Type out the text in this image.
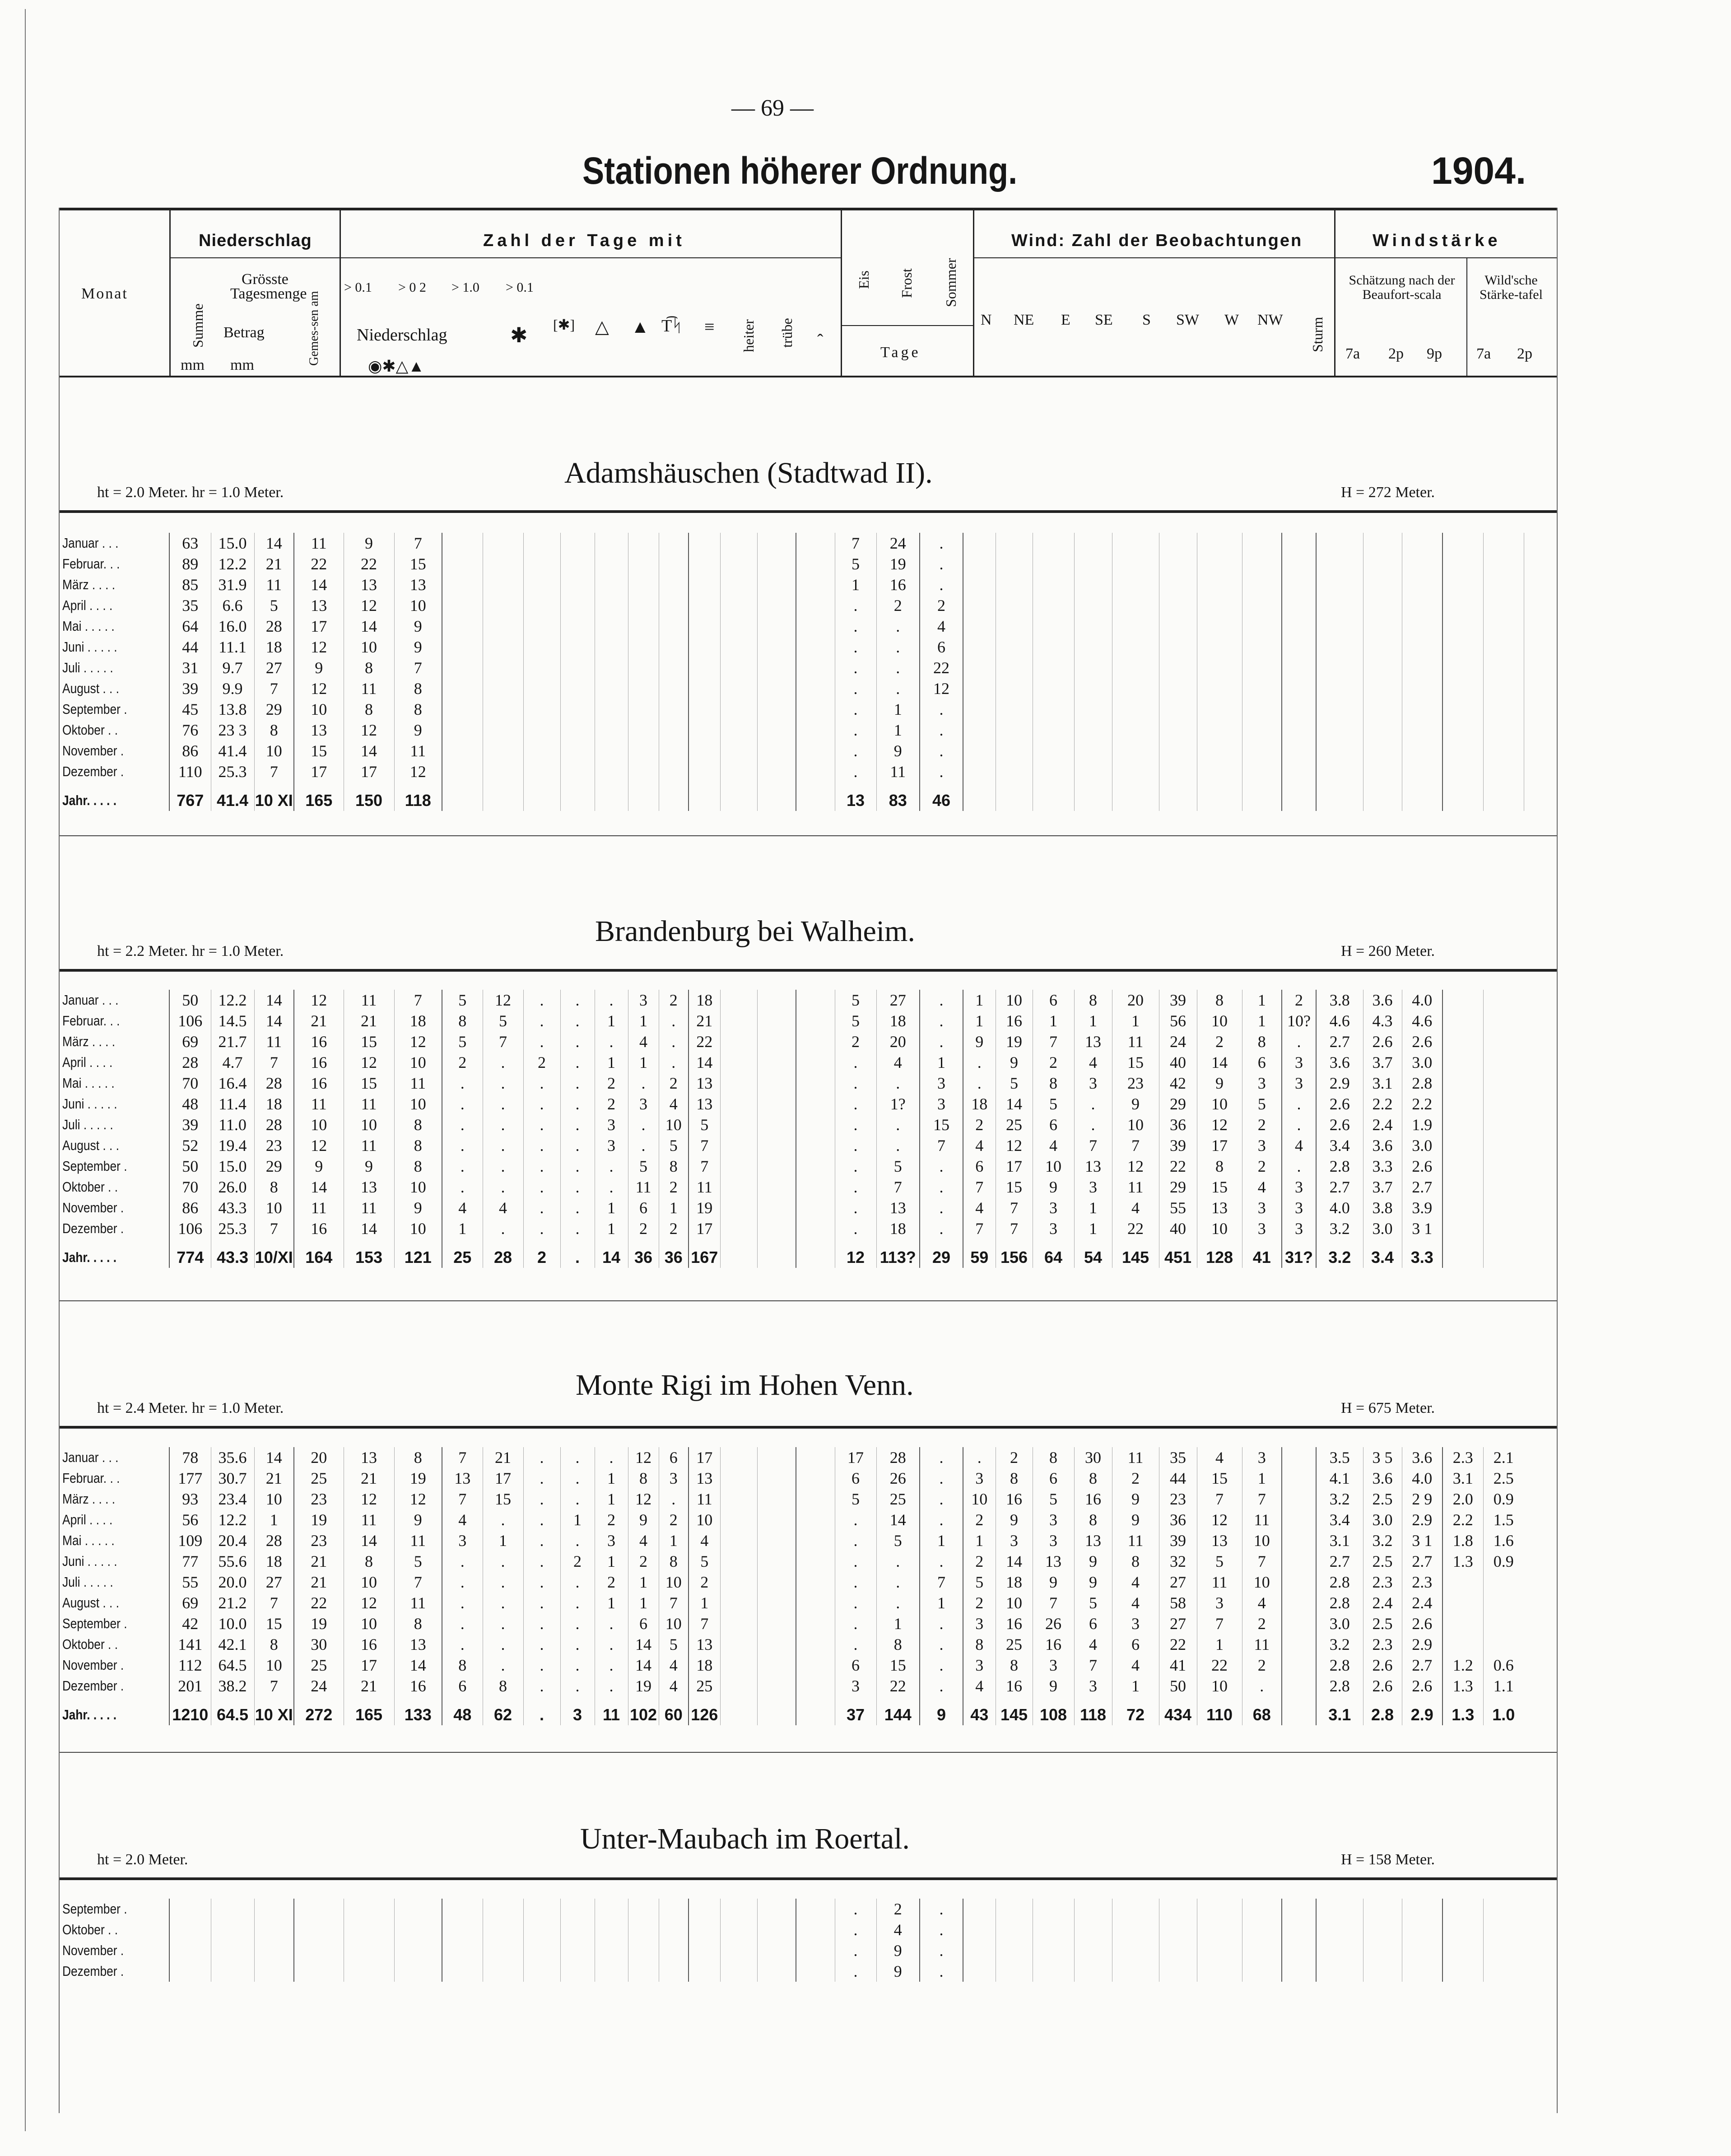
— 69 —
Stationen höherer Ordnung.	1904.
Monat
Niederschlag
Summe
mm
Grösste
Tagesmenge
Betrag
mm	Gemes-sen am
Zahl der Tage mit
> 0.1 > 0 2 > 1.0 > 0.1
Niederschlag
◉✱△▲
✱ [✱] △ ▲ T͡ᛋ ≡ heiter trübe ꞈ
Eis Frost Sommer
Tage
Wind: Zahl der Beobachtungen
N NE E SE S SW W NW Sturm
Windstärke
Schätzung nach der Beaufort-scala
Wild'sche Stärke-tafel
7a 2p 9p 7a 2p
Adamshäuschen (Stadtwad II).
ht = 2.0 Meter. hr = 1.0 Meter.	H = 272 Meter.
Januar . . .	63	15.0	14	11	9	7												7	24	.															
Februar. . .	89	12.2	21	22	22	15												5	19	.															
März . . . .	85	31.9	11	14	13	13												1	16	.															
April . . . .	35	6.6	5	13	12	10												.	2	2															
Mai . . . . .	64	16.0	28	17	14	9												.	.	4															
Juni . . . . .	44	11.1	18	12	10	9												.	.	6															
Juli . . . . .	31	9.7	27	9	8	7												.	.	22															
August . . .	39	9.9	7	12	11	8												.	.	12															
September .	45	13.8	29	10	8	8												.	1	.															
Oktober . .	76	23 3	8	13	12	9												.	1	.															
November .	86	41.4	10	15	14	11												.	9	.															
Dezember .	110	25.3	7	17	17	12												.	11	.															
Jahr. . . . .	767	41.4	10 XI	165	150	118												13	83	46															
Brandenburg bei Walheim.
ht = 2.2 Meter. hr = 1.0 Meter.	H = 260 Meter.
Januar . . .	50	12.2	14	12	11	7	5	12	.	.	.	3	2	18				5	27	.	1	10	6	8	20	39	8	1	2	3.8	3.6	4.0		
Februar. . .	106	14.5	14	21	21	18	8	5	.	.	1	1	.	21				5	18	.	1	16	1	1	1	56	10	1	10?	4.6	4.3	4.6		
März . . . .	69	21.7	11	16	15	12	5	7	.	.	.	4	.	22				2	20	.	9	19	7	13	11	24	2	8	.	2.7	2.6	2.6		
April . . . .	28	4.7	7	16	12	10	2	.	2	.	1	1	.	14				.	4	1	.	9	2	4	15	40	14	6	3	3.6	3.7	3.0		
Mai . . . . .	70	16.4	28	16	15	11	.	.	.	.	2	.	2	13				.	.	3	.	5	8	3	23	42	9	3	3	2.9	3.1	2.8		
Juni . . . . .	48	11.4	18	11	11	10	.	.	.	.	2	3	4	13				.	1?	3	18	14	5	.	9	29	10	5	.	2.6	2.2	2.2		
Juli . . . . .	39	11.0	28	10	10	8	.	.	.	.	3	.	10	5				.	.	15	2	25	6	.	10	36	12	2	.	2.6	2.4	1.9		
August . . .	52	19.4	23	12	11	8	.	.	.	.	3	.	5	7				.	.	7	4	12	4	7	7	39	17	3	4	3.4	3.6	3.0		
September .	50	15.0	29	9	9	8	.	.	.	.	.	5	8	7				.	5	.	6	17	10	13	12	22	8	2	.	2.8	3.3	2.6		
Oktober . .	70	26.0	8	14	13	10	.	.	.	.	.	11	2	11				.	7	.	7	15	9	3	11	29	15	4	3	2.7	3.7	2.7		
November .	86	43.3	10	11	11	9	4	4	.	.	1	6	1	19				.	13	.	4	7	3	1	4	55	13	3	3	4.0	3.8	3.9		
Dezember .	106	25.3	7	16	14	10	1	.	.	.	1	2	2	17				.	18	.	7	7	3	1	22	40	10	3	3	3.2	3.0	3 1		
Jahr. . . . .	774	43.3	10/XI	164	153	121	25	28	2	.	14	36	36	167				12	113?	29	59	156	64	54	145	451	128	41	31?	3.2	3.4	3.3		
Monte Rigi im Hohen Venn.
ht = 2.4 Meter. hr = 1.0 Meter.	H = 675 Meter.
Januar . . .	78	35.6	14	20	13	8	7	21	.	.	.	12	6	17				17	28	.	.	2	8	30	11	35	4	3		3.5	3 5	3.6	2.3	2.1
Februar. . .	177	30.7	21	25	21	19	13	17	.	.	1	8	3	13				6	26	.	3	8	6	8	2	44	15	1		4.1	3.6	4.0	3.1	2.5
März . . . .	93	23.4	10	23	12	12	7	15	.	.	1	12	.	11				5	25	.	10	16	5	16	9	23	7	7		3.2	2.5	2 9	2.0	0.9
April . . . .	56	12.2	1	19	11	9	4	.	.	1	2	9	2	10				.	14	.	2	9	3	8	9	36	12	11		3.4	3.0	2.9	2.2	1.5
Mai . . . . .	109	20.4	28	23	14	11	3	1	.	.	3	4	1	4				.	5	1	1	3	3	13	11	39	13	10		3.1	3.2	3 1	1.8	1.6
Juni . . . . .	77	55.6	18	21	8	5	.	.	.	2	1	2	8	5				.	.	.	2	14	13	9	8	32	5	7		2.7	2.5	2.7	1.3	0.9
Juli . . . . .	55	20.0	27	21	10	7	.	.	.	.	2	1	10	2				.	.	7	5	18	9	9	4	27	11	10		2.8	2.3	2.3		
August . . .	69	21.2	7	22	12	11	.	.	.	.	1	1	7	1				.	.	1	2	10	7	5	4	58	3	4		2.8	2.4	2.4		
September .	42	10.0	15	19	10	8	.	.	.	.	.	6	10	7				.	1	.	3	16	26	6	3	27	7	2		3.0	2.5	2.6		
Oktober . .	141	42.1	8	30	16	13	.	.	.	.	.	14	5	13				.	8	.	8	25	16	4	6	22	1	11		3.2	2.3	2.9		
November .	112	64.5	10	25	17	14	8	.	.	.	.	14	4	18				6	15	.	3	8	3	7	4	41	22	2		2.8	2.6	2.7	1.2	0.6
Dezember .	201	38.2	7	24	21	16	6	8	.	.	.	19	4	25				3	22	.	4	16	9	3	1	50	10	.		2.8	2.6	2.6	1.3	1.1
Jahr. . . . .	1210	64.5	10 XI	272	165	133	48	62	.	3	11	102	60	126				37	144	9	43	145	108	118	72	434	110	68		3.1	2.8	2.9	1.3	1.0
Unter-Maubach im Roertal.
ht = 2.0 Meter.	H = 158 Meter.
September .																		.	2	.														
Oktober . .																		.	4	.														
November .																		.	9	.														
Dezember .																		.	9	.														
